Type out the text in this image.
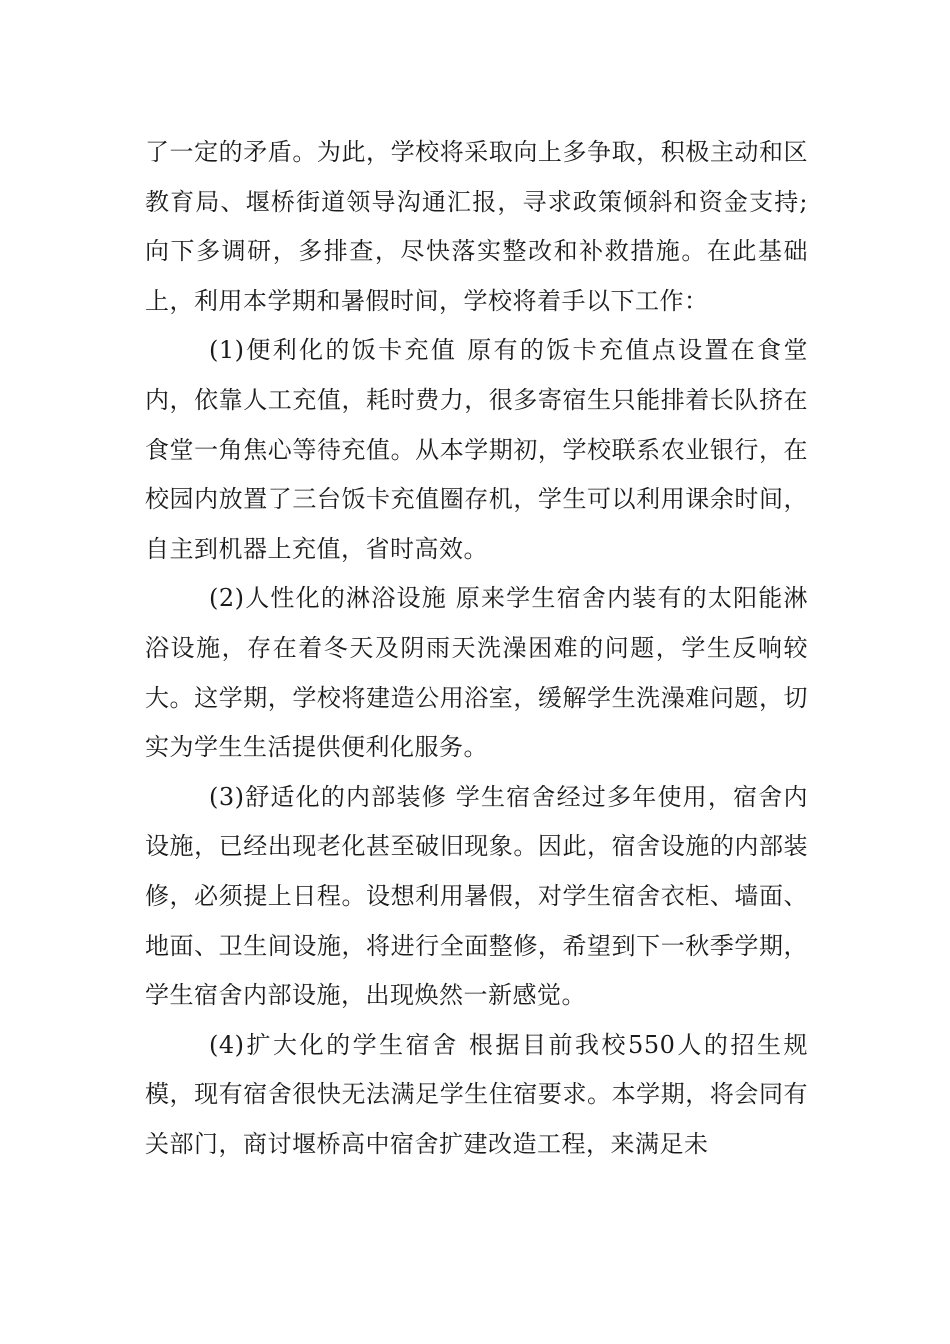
了一定的矛盾。为此，学校将采取向上多争取，积极主动和区教育局、堰桥街道领导沟通汇报，寻求政策倾斜和资金支持;向下多调研，多排查，尽快落实整改和补救措施。在此基础上，利用本学期和暑假时间，学校将着手以下工作：

(1)便利化的饭卡充值 原有的饭卡充值点设置在食堂内，依靠人工充值，耗时费力，很多寄宿生只能排着长队挤在食堂一角焦心等待充值。从本学期初，学校联系农业银行，在校园内放置了三台饭卡充值圈存机，学生可以利用课余时间，自主到机器上充值，省时高效。

(2)人性化的淋浴设施 原来学生宿舍内装有的太阳能淋浴设施，存在着冬天及阴雨天洗澡困难的问题，学生反响较大。这学期，学校将建造公用浴室，缓解学生洗澡难问题，切实为学生生活提供便利化服务。

(3)舒适化的内部装修 学生宿舍经过多年使用，宿舍内设施，已经出现老化甚至破旧现象。因此，宿舍设施的内部装修，必须提上日程。设想利用暑假，对学生宿舍衣柜、墙面、地面、卫生间设施，将进行全面整修，希望到下一秋季学期，学生宿舍内部设施，出现焕然一新感觉。

(4)扩大化的学生宿舍 根据目前我校550人的招生规模，现有宿舍很快无法满足学生住宿要求。本学期，将会同有关部门，商讨堰桥高中宿舍扩建改造工程，来满足未
